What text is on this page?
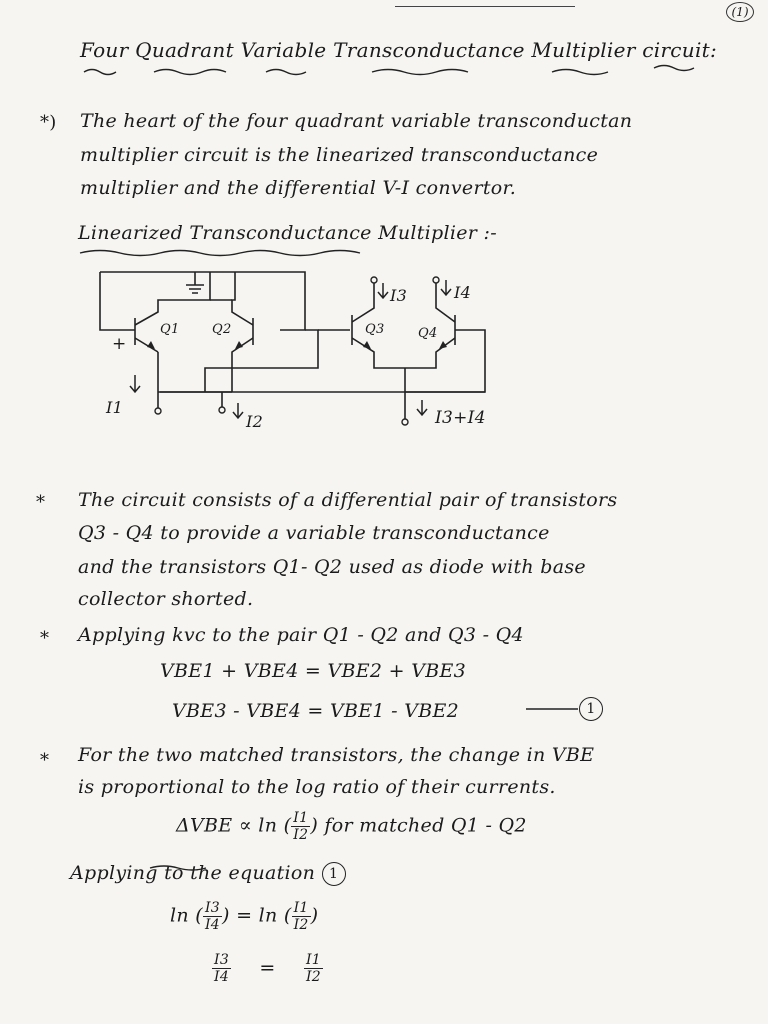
(1)
Four Quadrant Variable Transconductance Multiplier circuit:
*) The heart of the four quadrant variable transconductan
multiplier circuit is the linearized transconductance
multiplier and the differential V-I convertor.
Linearized Transconductance Multiplier :-
Q1 Q2	Q3	Q4
+
I1
I2
I3	I4
I3+I4
* The circuit consists of a differential pair of transistors
Q3 - Q4 to provide a variable transconductance
and the transistors Q1- Q2 used as diode with base
collector shorted.
* Applying kvc to the pair Q1 - Q2 and Q3 - Q4
VBE1 + VBE4 = VBE2 + VBE3
VBE3 - VBE4 = VBE1 - VBE2	1
* For the two matched transistors, the change in VBE
is proportional to the log ratio of their currents.
ΔVBE ∝ ln ( $\frac{I1}{I2}$ ) for matched Q1 - Q2
Applying to the equation 1
ln ( $\frac{I3}{I4}$ ) = ln ( $\frac{I1}{I2}$ )
$\frac{I3}{I4} = \frac{I1}{I2}$
